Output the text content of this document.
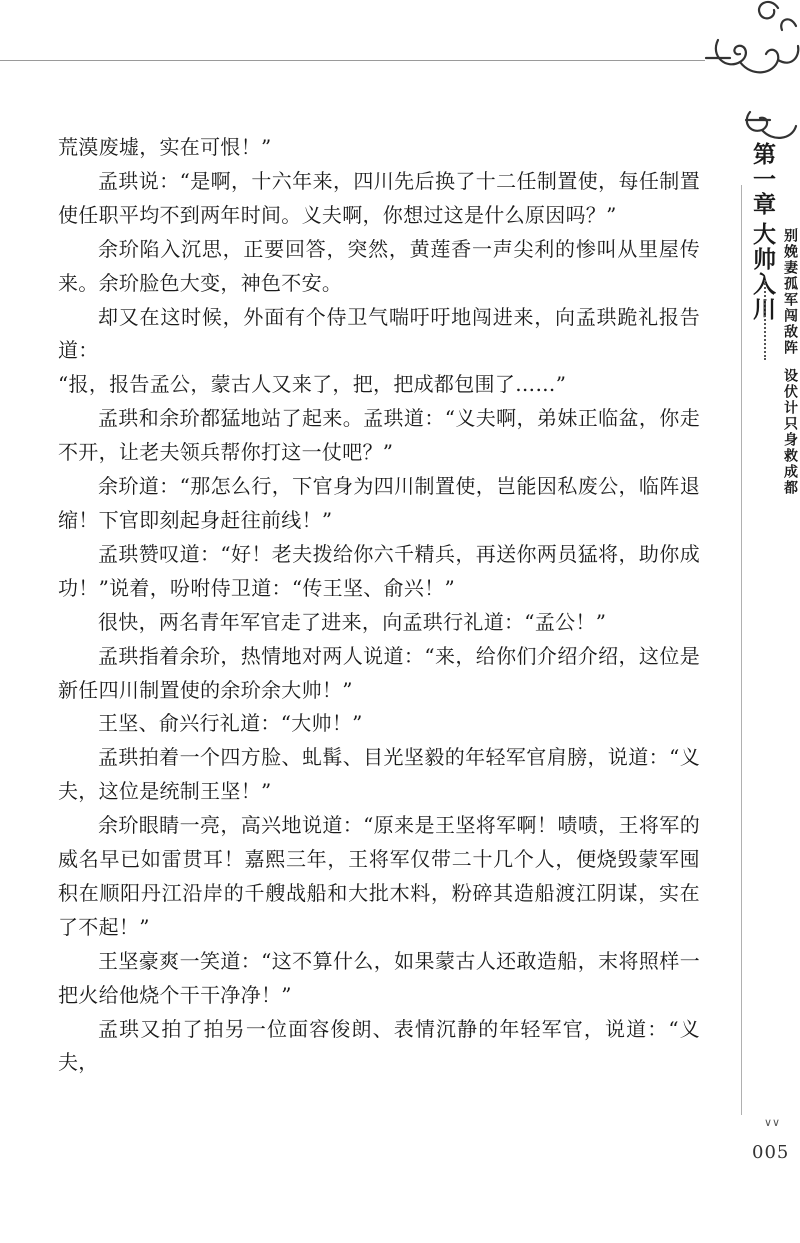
第一章
大帅入川 别娩妻孤军闯敌阵
设伏计只身救成都

荒漠废墟，实在可恨！”

孟珙说：“是啊，十六年来，四川先后换了十二任制置使，每任制置使任职平均不到两年时间。义夫啊，你想过这是什么原因吗？”

余玠陷入沉思，正要回答，突然，黄莲香一声尖利的惨叫从里屋传来。余玠脸色大变，神色不安。

却又在这时候，外面有个侍卫气喘吁吁地闯进来，向孟珙跪礼报告道：

“报，报告孟公，蒙古人又来了，把，把成都包围了……”

孟珙和余玠都猛地站了起来。孟珙道：“义夫啊，弟妹正临盆，你走不开，让老夫领兵帮你打这一仗吧？”

余玠道：“那怎么行，下官身为四川制置使，岂能因私废公，临阵退缩！下官即刻起身赶往前线！”

孟珙赞叹道：“好！老夫拨给你六千精兵，再送你两员猛将，助你成功！”说着，吩咐侍卫道：“传王坚、俞兴！”

很快，两名青年军官走了进来，向孟珙行礼道：“孟公！”

孟珙指着余玠，热情地对两人说道：“来，给你们介绍介绍，这位是新任四川制置使的余玠余大帅！”

王坚、俞兴行礼道：“大帅！”

孟珙拍着一个四方脸、虬髯、目光坚毅的年轻军官肩膀，说道：“义夫，这位是统制王坚！”

余玠眼睛一亮，高兴地说道：“原来是王坚将军啊！啧啧，王将军的威名早已如雷贯耳！嘉熙三年，王将军仅带二十几个人，便烧毁蒙军囤积在顺阳丹江沿岸的千艘战船和大批木料，粉碎其造船渡江阴谋，实在了不起！”

王坚豪爽一笑道：“这不算什么，如果蒙古人还敢造船，末将照样一把火给他烧个干干净净！”

孟珙又拍了拍另一位面容俊朗、表情沉静的年轻军官，说道：“义夫，

∨∨
005
